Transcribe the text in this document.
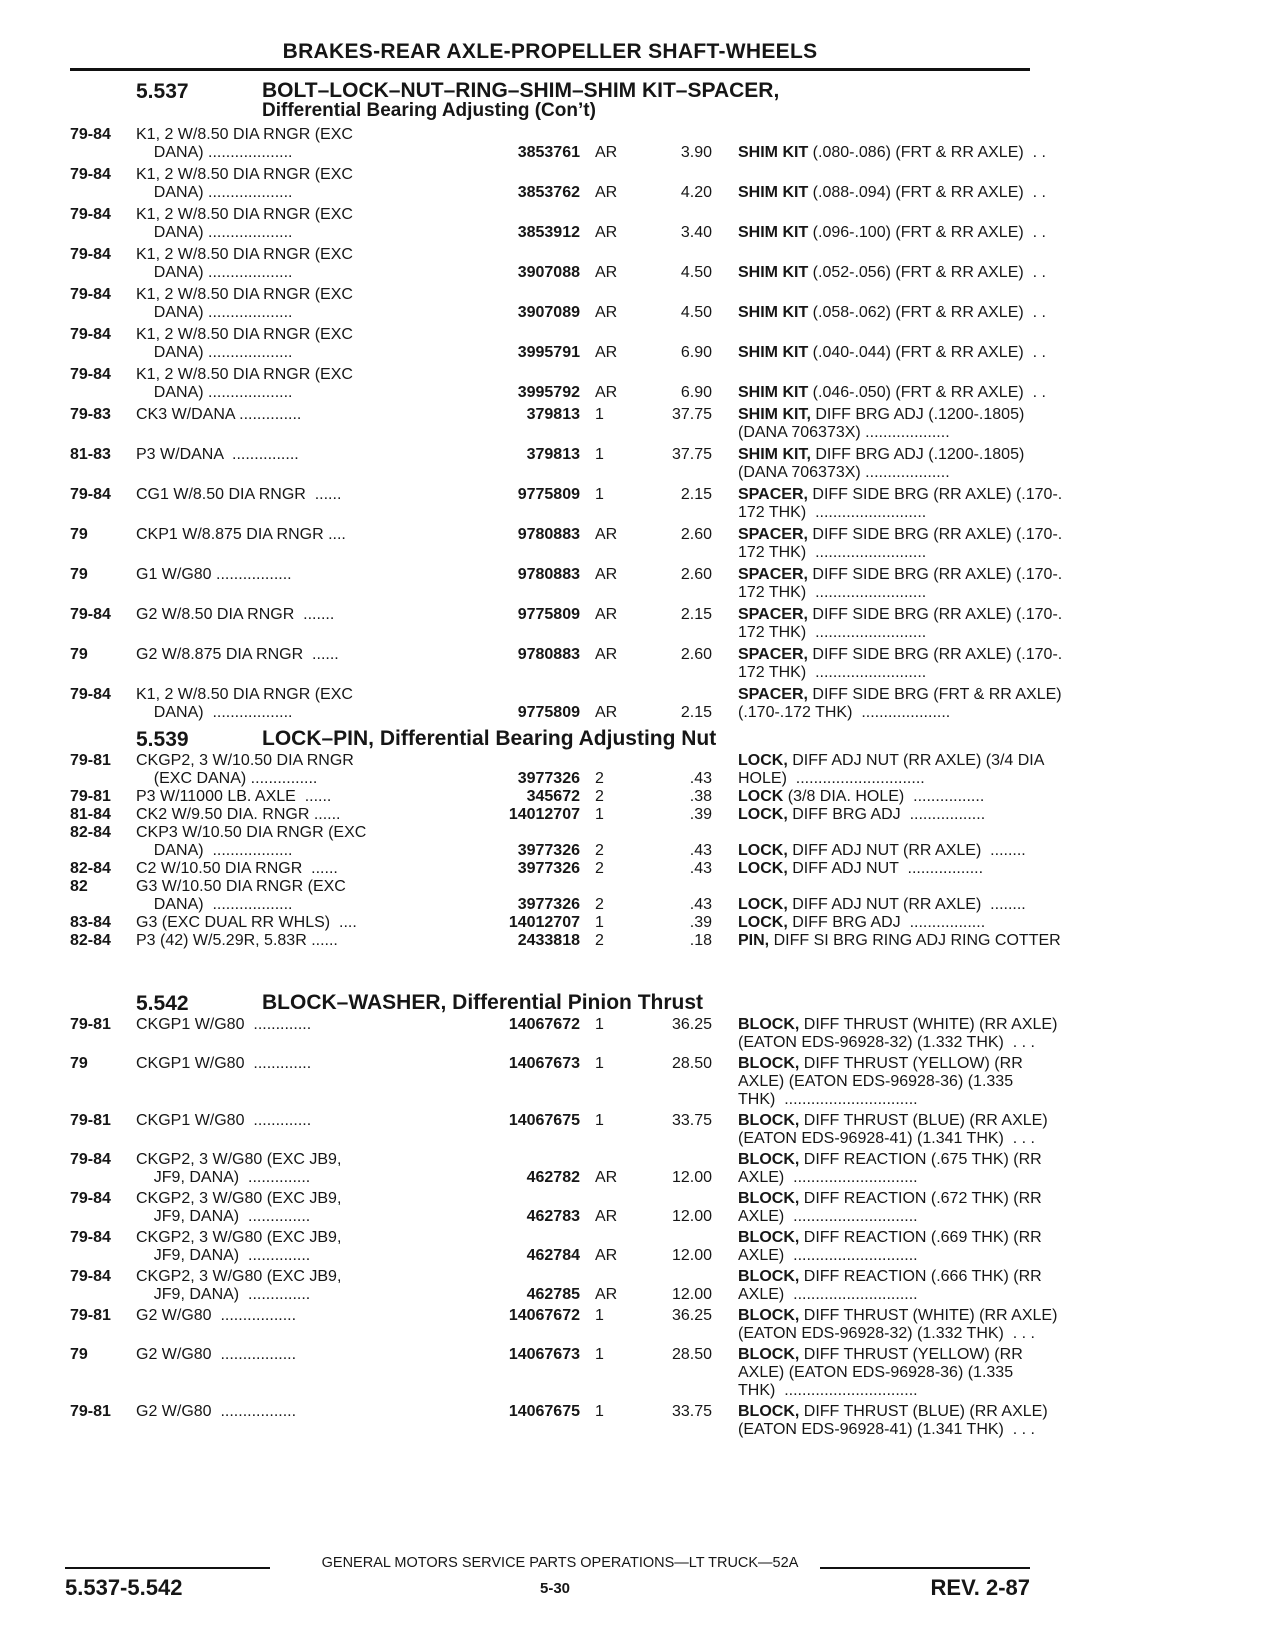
BRAKES-REAR AXLE-PROPELLER SHAFT-WHEELS
5.537	BOLT–LOCK–NUT–RING–SHIM–SHIM KIT–SPACER,
Differential Bearing Adjusting (Con’t)
79-84	K1, 2 W/8.50 DIA RNGR (EXC
DANA) ...................	3853761 AR	3.90 SHIM KIT (.080-.086) (FRT & RR AXLE)  . .
79-84	K1, 2 W/8.50 DIA RNGR (EXC
DANA) ...................	3853762 AR	4.20 SHIM KIT (.088-.094) (FRT & RR AXLE)  . .
79-84	K1, 2 W/8.50 DIA RNGR (EXC
DANA) ...................	3853912 AR	3.40 SHIM KIT (.096-.100) (FRT & RR AXLE)  . .
79-84	K1, 2 W/8.50 DIA RNGR (EXC
DANA) ...................	3907088 AR	4.50 SHIM KIT (.052-.056) (FRT & RR AXLE)  . .
79-84	K1, 2 W/8.50 DIA RNGR (EXC
DANA) ...................	3907089 AR	4.50 SHIM KIT (.058-.062) (FRT & RR AXLE)  . .
79-84	K1, 2 W/8.50 DIA RNGR (EXC
DANA) ...................	3995791 AR	6.90 SHIM KIT (.040-.044) (FRT & RR AXLE)  . .
79-84	K1, 2 W/8.50 DIA RNGR (EXC
DANA) ...................	3995792 AR	6.90 SHIM KIT (.046-.050) (FRT & RR AXLE)  . .
79-83	CK3 W/DANA ..............	379813 1	37.75 SHIM KIT, DIFF BRG ADJ (.1200-.1805)
(DANA 706373X) ...................
81-83	P3 W/DANA  ...............	379813 1	37.75 SHIM KIT, DIFF BRG ADJ (.1200-.1805)
(DANA 706373X) ...................
79-84	CG1 W/8.50 DIA RNGR  ......	9775809 1	2.15 SPACER, DIFF SIDE BRG (RR AXLE) (.170-.
172 THK)  .........................
79	CKP1 W/8.875 DIA RNGR ....	9780883 AR	2.60 SPACER, DIFF SIDE BRG (RR AXLE) (.170-.
172 THK)  .........................
79	G1 W/G80 .................	9780883 AR	2.60 SPACER, DIFF SIDE BRG (RR AXLE) (.170-.
172 THK)  .........................
79-84	G2 W/8.50 DIA RNGR  .......	9775809 AR	2.15 SPACER, DIFF SIDE BRG (RR AXLE) (.170-.
172 THK)  .........................
79	G2 W/8.875 DIA RNGR  ......	9780883 AR	2.60 SPACER, DIFF SIDE BRG (RR AXLE) (.170-.
172 THK)  .........................
79-84	K1, 2 W/8.50 DIA RNGR (EXC
DANA)  ..................	9775809 AR	2.15
SPACER, DIFF SIDE BRG (FRT & RR AXLE)
(.170-.172 THK)  ....................
5.539	LOCK–PIN, Differential Bearing Adjusting Nut
79-81	CKGP2, 3 W/10.50 DIA RNGR
(EXC DANA) ...............	3977326 2	.43
LOCK, DIFF ADJ NUT (RR AXLE) (3/4 DIA
HOLE)  .............................
79-81	P3 W/11000 LB. AXLE  ......	345672 2	.38 LOCK (3/8 DIA. HOLE)  ................
81-84	CK2 W/9.50 DIA. RNGR ......	14012707 1	.39 LOCK, DIFF BRG ADJ  .................
82-84	CKP3 W/10.50 DIA RNGR (EXC
DANA)  ..................	3977326 2	.43 LOCK, DIFF ADJ NUT (RR AXLE)  ........
82-84	C2 W/10.50 DIA RNGR  ......	3977326 2	.43 LOCK, DIFF ADJ NUT  .................
82	G3 W/10.50 DIA RNGR (EXC
DANA)  ..................	3977326 2	.43 LOCK, DIFF ADJ NUT (RR AXLE)  ........
83-84	G3 (EXC DUAL RR WHLS)  ....	14012707 1	.39 LOCK, DIFF BRG ADJ  .................
82-84	P3 (42) W/5.29R, 5.83R ......	2433818 2	.18 PIN, DIFF SI BRG RING ADJ RING COTTER
5.542	BLOCK–WASHER, Differential Pinion Thrust
79-81	CKGP1 W/G80  .............	14067672 1	36.25 BLOCK, DIFF THRUST (WHITE) (RR AXLE)
(EATON EDS-96928-32) (1.332 THK)  . . .
79	CKGP1 W/G80  .............	14067673 1	28.50 BLOCK, DIFF THRUST (YELLOW) (RR
AXLE) (EATON EDS-96928-36) (1.335
THK)  ..............................
79-81	CKGP1 W/G80  .............	14067675 1	33.75 BLOCK, DIFF THRUST (BLUE) (RR AXLE)
(EATON EDS-96928-41) (1.341 THK)  . . .
79-84	CKGP2, 3 W/G80 (EXC JB9,
JF9, DANA)  ..............	462782 AR	12.00
BLOCK, DIFF REACTION (.675 THK) (RR
AXLE)  ............................
79-84	CKGP2, 3 W/G80 (EXC JB9,
JF9, DANA)  ..............	462783 AR	12.00
BLOCK, DIFF REACTION (.672 THK) (RR
AXLE)  ............................
79-84	CKGP2, 3 W/G80 (EXC JB9,
JF9, DANA)  ..............	462784 AR	12.00
BLOCK, DIFF REACTION (.669 THK) (RR
AXLE)  ............................
79-84	CKGP2, 3 W/G80 (EXC JB9,
JF9, DANA)  ..............	462785 AR	12.00
BLOCK, DIFF REACTION (.666 THK) (RR
AXLE)  ............................
79-81	G2 W/G80  .................	14067672 1	36.25 BLOCK, DIFF THRUST (WHITE) (RR AXLE)
(EATON EDS-96928-32) (1.332 THK)  . . .
79	G2 W/G80  .................	14067673 1	28.50 BLOCK, DIFF THRUST (YELLOW) (RR
AXLE) (EATON EDS-96928-36) (1.335
THK)  ..............................
79-81	G2 W/G80  .................	14067675 1	33.75 BLOCK, DIFF THRUST (BLUE) (RR AXLE)
(EATON EDS-96928-41) (1.341 THK)  . . .
GENERAL MOTORS SERVICE PARTS OPERATIONS—LT TRUCK—52A
5.537-5.542	5-30	REV. 2-87
